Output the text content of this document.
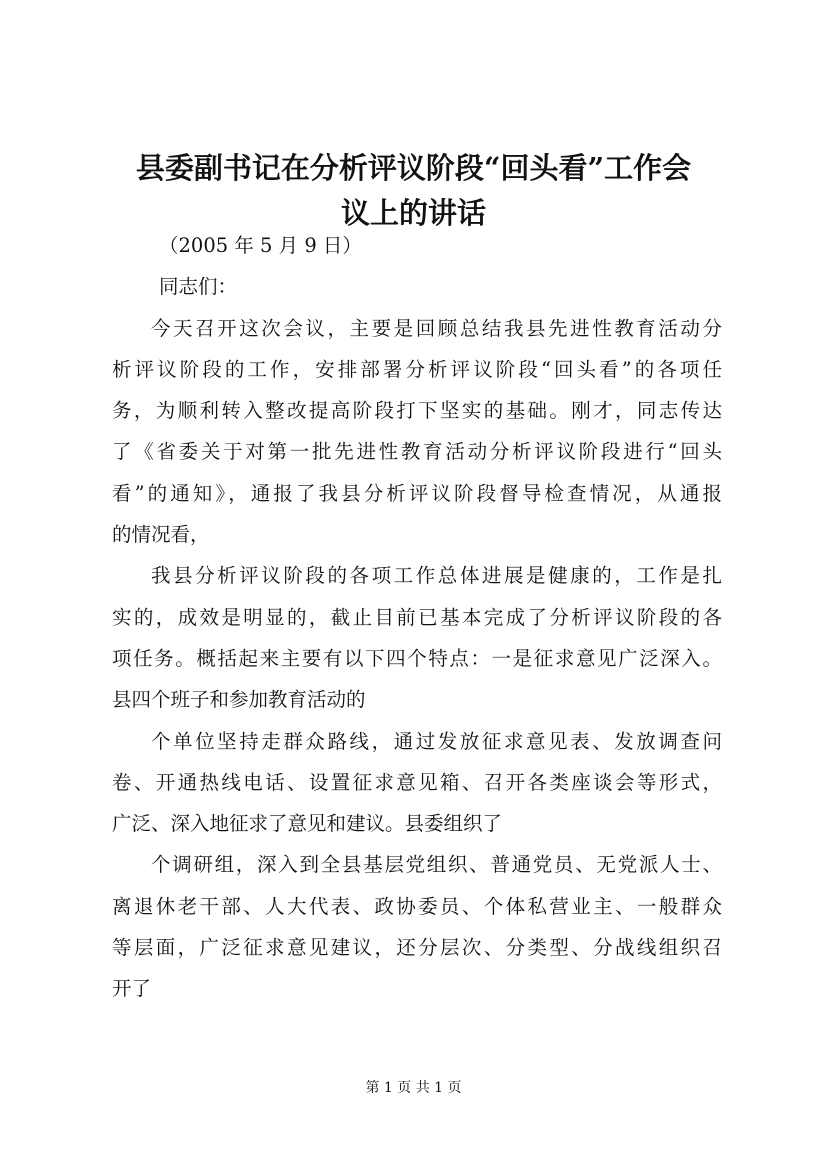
县委副书记在分析评议阶段“回头看”工作会
议上的讲话
（2005 年 5 月 9 日）
同志们：

今天召开这次会议，主要是回顾总结我县先进性教育活动分
析评议阶段的工作，安排部署分析评议阶段“回头看”的各项任
务，为顺利转入整改提高阶段打下坚实的基础。刚才，同志传达
了《省委关于对第一批先进性教育活动分析评议阶段进行“回头
看”的通知》，通报了我县分析评议阶段督导检查情况，从通报
的情况看，

我县分析评议阶段的各项工作总体进展是健康的，工作是扎
实的，成效是明显的，截止目前已基本完成了分析评议阶段的各
项任务。概括起来主要有以下四个特点：一是征求意见广泛深入。
县四个班子和参加教育活动的

个单位坚持走群众路线，通过发放征求意见表、发放调查问
卷、开通热线电话、设置征求意见箱、召开各类座谈会等形式，
广泛、深入地征求了意见和建议。县委组织了

个调研组，深入到全县基层党组织、普通党员、无党派人士、
离退休老干部、人大代表、政协委员、个体私营业主、一般群众
等层面，广泛征求意见建议，还分层次、分类型、分战线组织召
开了

第 1 页 共 1 页
